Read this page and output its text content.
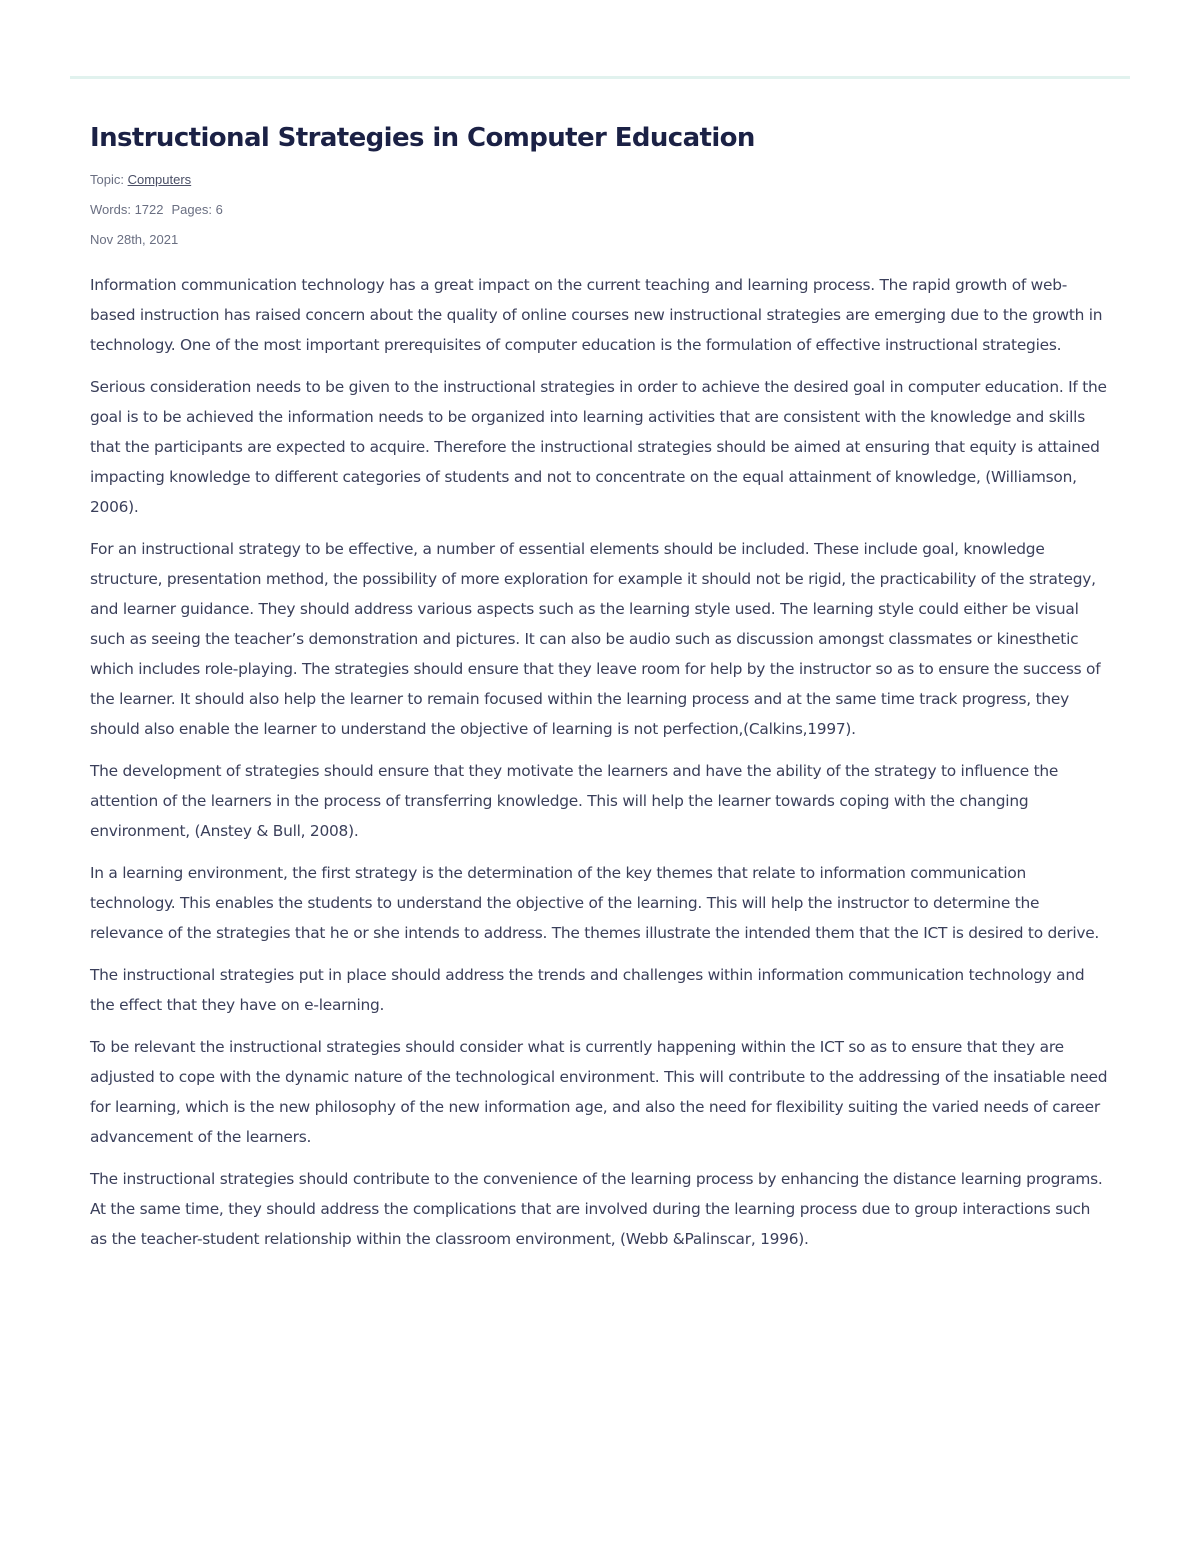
Instructional Strategies in Computer Education

Topic: Computers

Words: 1722 Pages: 6

Nov 28th, 2021

Information communication technology has a great impact on the current teaching and learning process. The rapid growth of web-based instruction has raised concern about the quality of online courses new instructional strategies are emerging due to the growth in technology. One of the most important prerequisites of computer education is the formulation of effective instructional strategies.

Serious consideration needs to be given to the instructional strategies in order to achieve the desired goal in computer education. If the goal is to be achieved the information needs to be organized into learning activities that are consistent with the knowledge and skills that the participants are expected to acquire. Therefore the instructional strategies should be aimed at ensuring that equity is attained impacting knowledge to different categories of students and not to concentrate on the equal attainment of knowledge, (Williamson, 2006).

For an instructional strategy to be effective, a number of essential elements should be included. These include goal, knowledge structure, presentation method, the possibility of more exploration for example it should not be rigid, the practicability of the strategy, and learner guidance. They should address various aspects such as the learning style used. The learning style could either be visual such as seeing the teacher’s demonstration and pictures. It can also be audio such as discussion amongst classmates or kinesthetic which includes role-playing. The strategies should ensure that they leave room for help by the instructor so as to ensure the success of the learner. It should also help the learner to remain focused within the learning process and at the same time track progress, they should also enable the learner to understand the objective of learning is not perfection,(Calkins,1997).

The development of strategies should ensure that they motivate the learners and have the ability of the strategy to influence the attention of the learners in the process of transferring knowledge. This will help the learner towards coping with the changing environment, (Anstey & Bull, 2008).

In a learning environment, the first strategy is the determination of the key themes that relate to information communication technology. This enables the students to understand the objective of the learning. This will help the instructor to determine the relevance of the strategies that he or she intends to address. The themes illustrate the intended them that the ICT is desired to derive.

The instructional strategies put in place should address the trends and challenges within information communication technology and the effect that they have on e-learning.

To be relevant the instructional strategies should consider what is currently happening within the ICT so as to ensure that they are adjusted to cope with the dynamic nature of the technological environment. This will contribute to the addressing of the insatiable need for learning, which is the new philosophy of the new information age, and also the need for flexibility suiting the varied needs of career advancement of the learners.

The instructional strategies should contribute to the convenience of the learning process by enhancing the distance learning programs. At the same time, they should address the complications that are involved during the learning process due to group interactions such as the teacher-student relationship within the classroom environment, (Webb &Palinscar, 1996).
